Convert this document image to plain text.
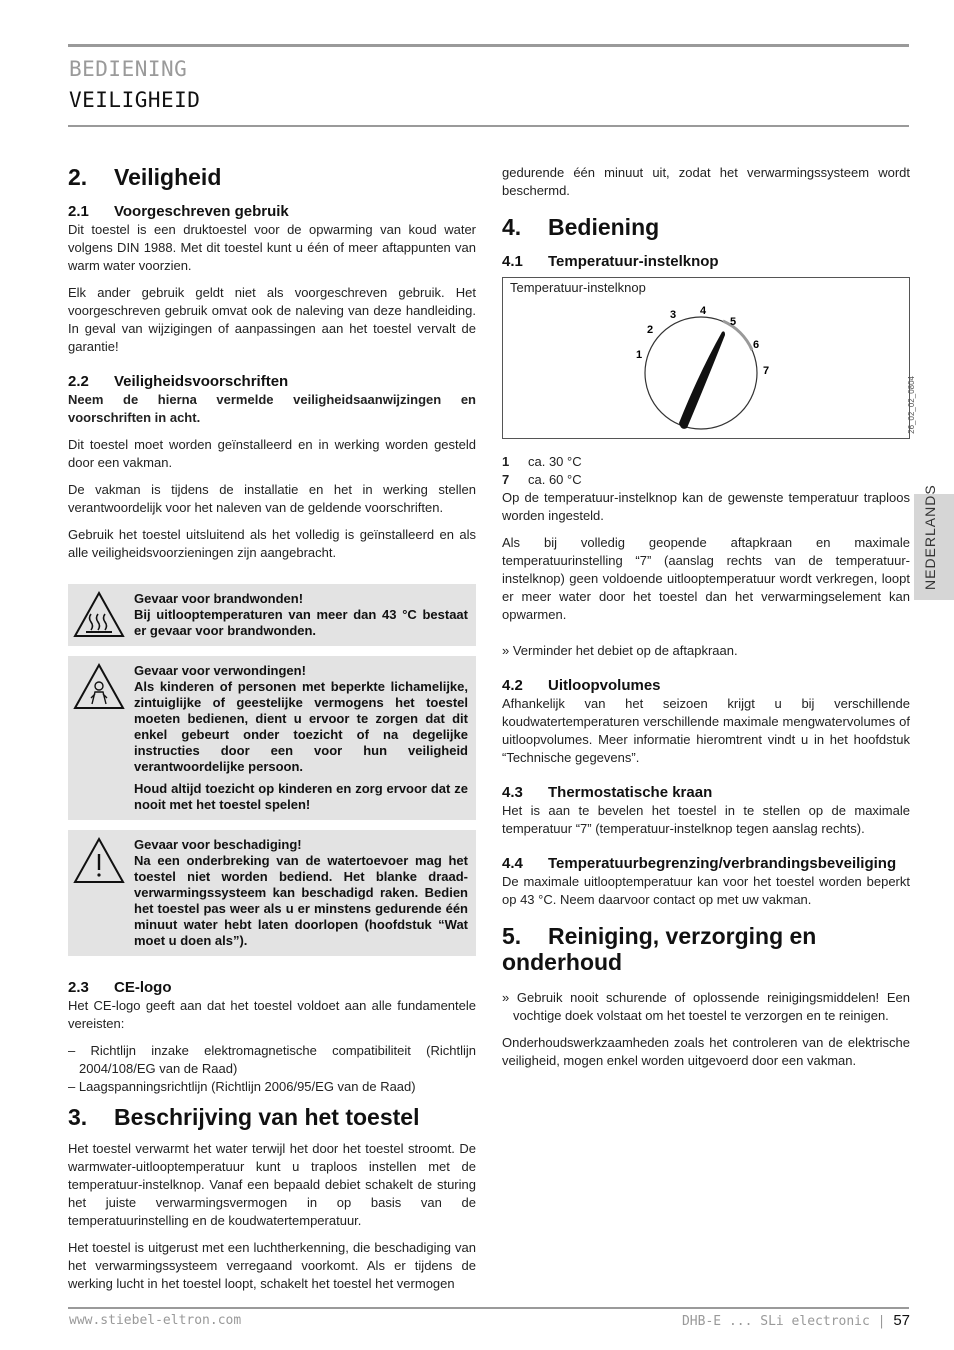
BEDIENING
VEILIGHEID
NEDERLANDS
2. Veiligheid
2.1 Voorgeschreven gebruik

Dit toestel is een druktoestel voor de opwarming van koud water volgens DIN 1988. Met dit toestel kunt u één of meer aftappunten van warm water voorzien.

Elk ander gebruik geldt niet als voorgeschreven gebruik. Het voorgeschreven gebruik omvat ook de naleving van deze handleiding. In geval van wijzigingen of aanpassingen aan het toestel vervalt de garantie!

2.2 Veiligheidsvoorschriften

Neem de hierna vermelde veiligheidsaanwijzingen en voorschriften in acht.

Dit toestel moet worden geïnstalleerd en in werking worden gesteld door een vakman.

De vakman is tijdens de installatie en het in werking stellen verantwoordelijk voor het naleven van de geldende voorschriften.

Gebruik het toestel uitsluitend als het volledig is geïnstalleerd en als alle veiligheidsvoorzieningen zijn aangebracht.

Gevaar voor brandwonden!

Bij uitlooptemperaturen van meer dan 43 °C bestaat er gevaar voor brandwonden.

Gevaar voor verwondingen!

Als kinderen of personen met beperkte lichamelijke, zintuiglijke of geestelijke vermogens het toestel moeten bedienen, dient u ervoor te zorgen dat dit enkel gebeurt onder toezicht of na degelijke instructies door een voor hun veiligheid verantwoordelijke persoon.

Houd altijd toezicht op kinderen en zorg ervoor dat ze nooit met het toestel spelen!

Gevaar voor beschadiging!

Na een onderbreking van de watertoevoer mag het toestel niet worden bediend. Het blanke draad-verwarmingssysteem kan beschadigd raken. Bedien het toestel pas weer als u er minstens gedurende één minuut water hebt laten doorlopen (hoofdstuk “Wat moet u doen als”).

2.3 CE-logo

Het CE-logo geeft aan dat het toestel voldoet aan alle fundamentele vereisten:

– Richtlijn inzake elektromagnetische compatibiliteit (Richtlijn 2004/108/EG van de Raad)

– Laagspanningsrichtlijn (Richtlijn 2006/95/EG van de Raad)

3. Beschrijving van het toestel

Het toestel verwarmt het water terwijl het door het toestel stroomt. De warmwater-uitlooptemperatuur kunt u traploos instellen met de temperatuur-instelknop. Vanaf een bepaald debiet schakelt de sturing het juiste verwarmingsvermogen in op basis van de temperatuurinstelling en de koudwatertemperatuur.

Het toestel is uitgerust met een luchtherkenning, die beschadiging van het verwarmingssysteem verregaand voorkomt. Als er tijdens de werking lucht in het toestel loopt, schakelt het toestel het vermogen

gedurende één minuut uit, zodat het verwarmingssysteem wordt beschermd.

4. Bediening
4.1 Temperatuur-instelknop
Temperatuur-instelknop
1
2
3 4
5
6
7
26_02_02_0804

1 ca. 30 °C

7 ca. 60 °C

Op de temperatuur-instelknop kan de gewenste temperatuur traploos worden ingesteld.

Als bij volledig geopende aftapkraan en maximale temperatuurinstelling “7” (aanslag rechts van de temperatuur-instelknop) geen voldoende uitlooptemperatuur wordt verkregen, loopt er meer water door het toestel dan het verwarmingselement kan opwarmen.

» Verminder het debiet op de aftapkraan.

4.2 Uitloopvolumes

Afhankelijk van het seizoen krijgt u bij verschillende koudwatertemperaturen verschillende maximale mengwatervolumes of uitloopvolumes. Meer informatie hieromtrent vindt u in het hoofdstuk “Technische gegevens”.

4.3 Thermostatische kraan

Het is aan te bevelen het toestel in te stellen op de maximale temperatuur “7” (temperatuur-instelknop tegen aanslag rechts).

4.4 Temperatuurbegrenzing/verbrandingsbeveiliging

De maximale uitlooptemperatuur kan voor het toestel worden beperkt op 43 °C. Neem daarvoor contact op met uw vakman.

5. Reiniging, verzorging en onderhoud

» Gebruik nooit schurende of oplossende reinigingsmiddelen! Een vochtige doek volstaat om het toestel te verzorgen en te reinigen.

Onderhoudswerkzaamheden zoals het controleren van de elektrische veiligheid, mogen enkel worden uitgevoerd door een vakman.

www.stiebel-eltron.com	DHB-E ... SLi electronic | 57
